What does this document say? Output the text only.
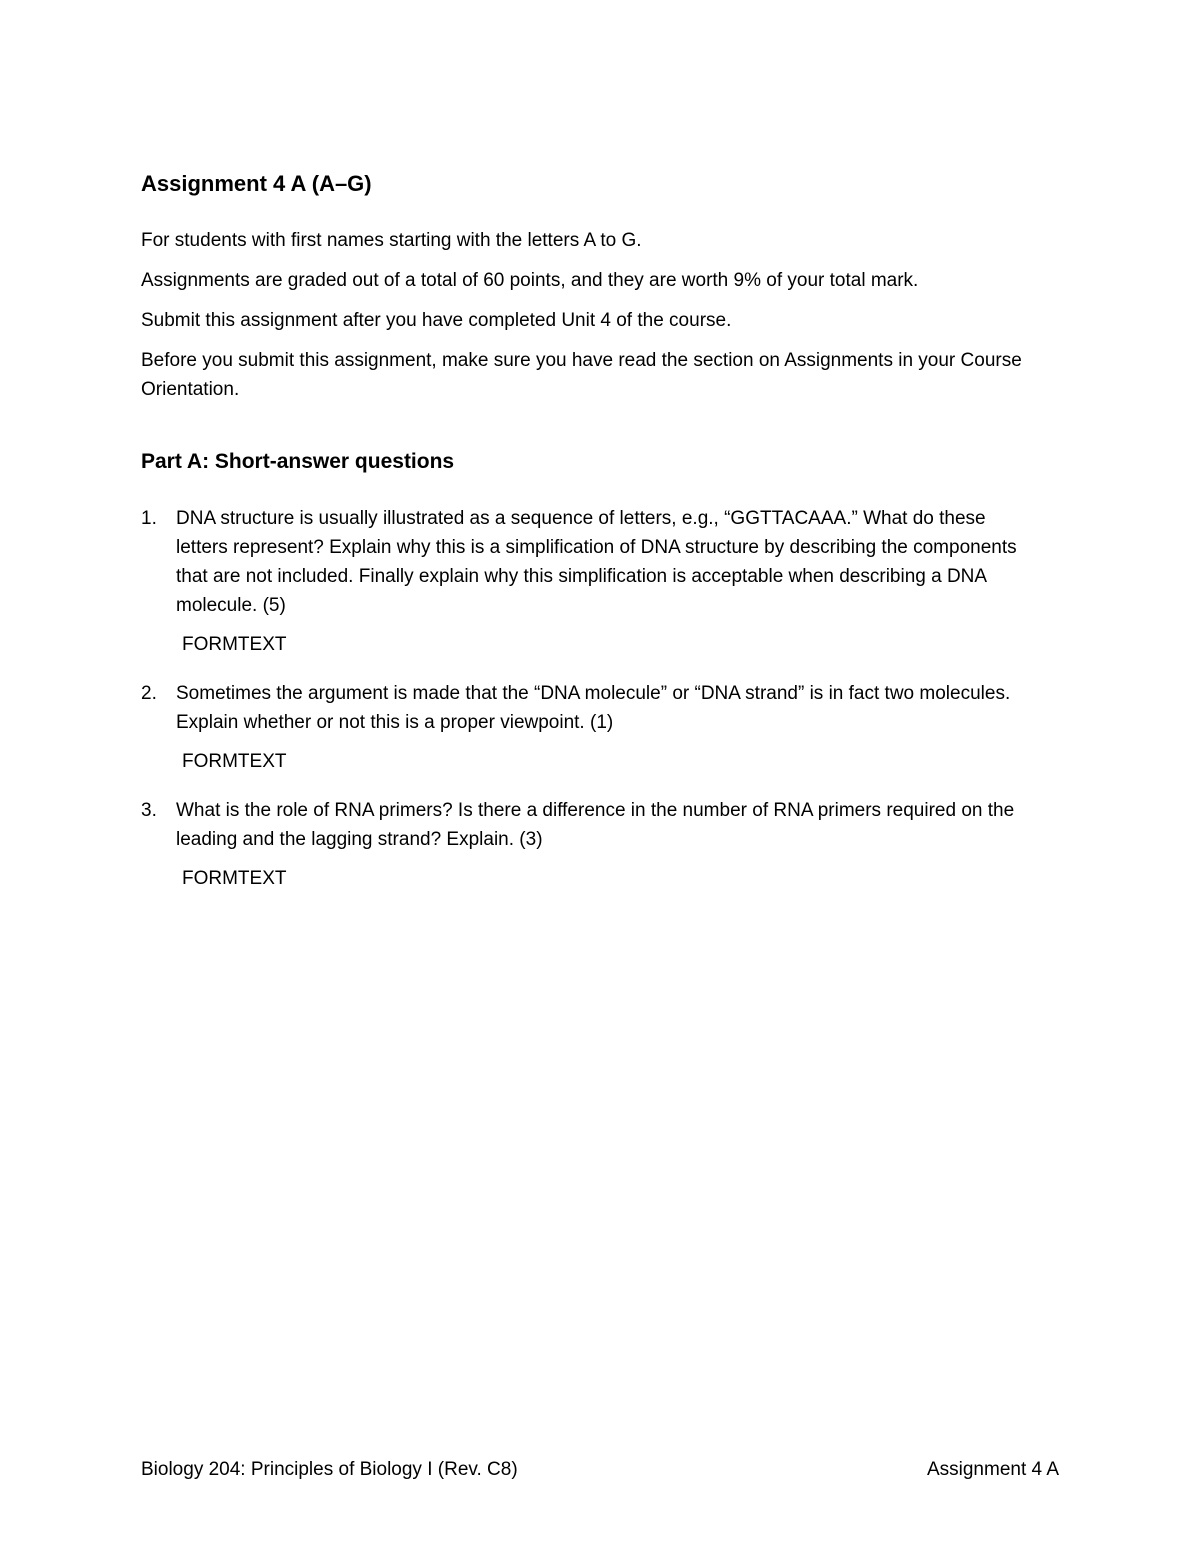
Assignment 4 A (A–G)

For students with first names starting with the letters A to G.

Assignments are graded out of a total of 60 points, and they are worth 9% of your total mark.

Submit this assignment after you have completed Unit 4 of the course.

Before you submit this assignment, make sure you have read the section on Assignments in your Course Orientation.

Part A: Short-answer questions
1. DNA structure is usually illustrated as a sequence of letters, e.g., “GGTTACAAA.” What do these letters represent? Explain why this is a simplification of DNA structure by describing the components that are not included. Finally explain why this simplification is acceptable when describing a DNA molecule. (5)

FORMTEXT
2. Sometimes the argument is made that the “DNA molecule” or “DNA strand” is in fact two molecules. Explain whether or not this is a proper viewpoint. (1)

FORMTEXT
3. What is the role of RNA primers? Is there a difference in the number of RNA primers required on the leading and the lagging strand? Explain. (3)

FORMTEXT
Biology 204: Principles of Biology I (Rev. C8)	Assignment 4 A
